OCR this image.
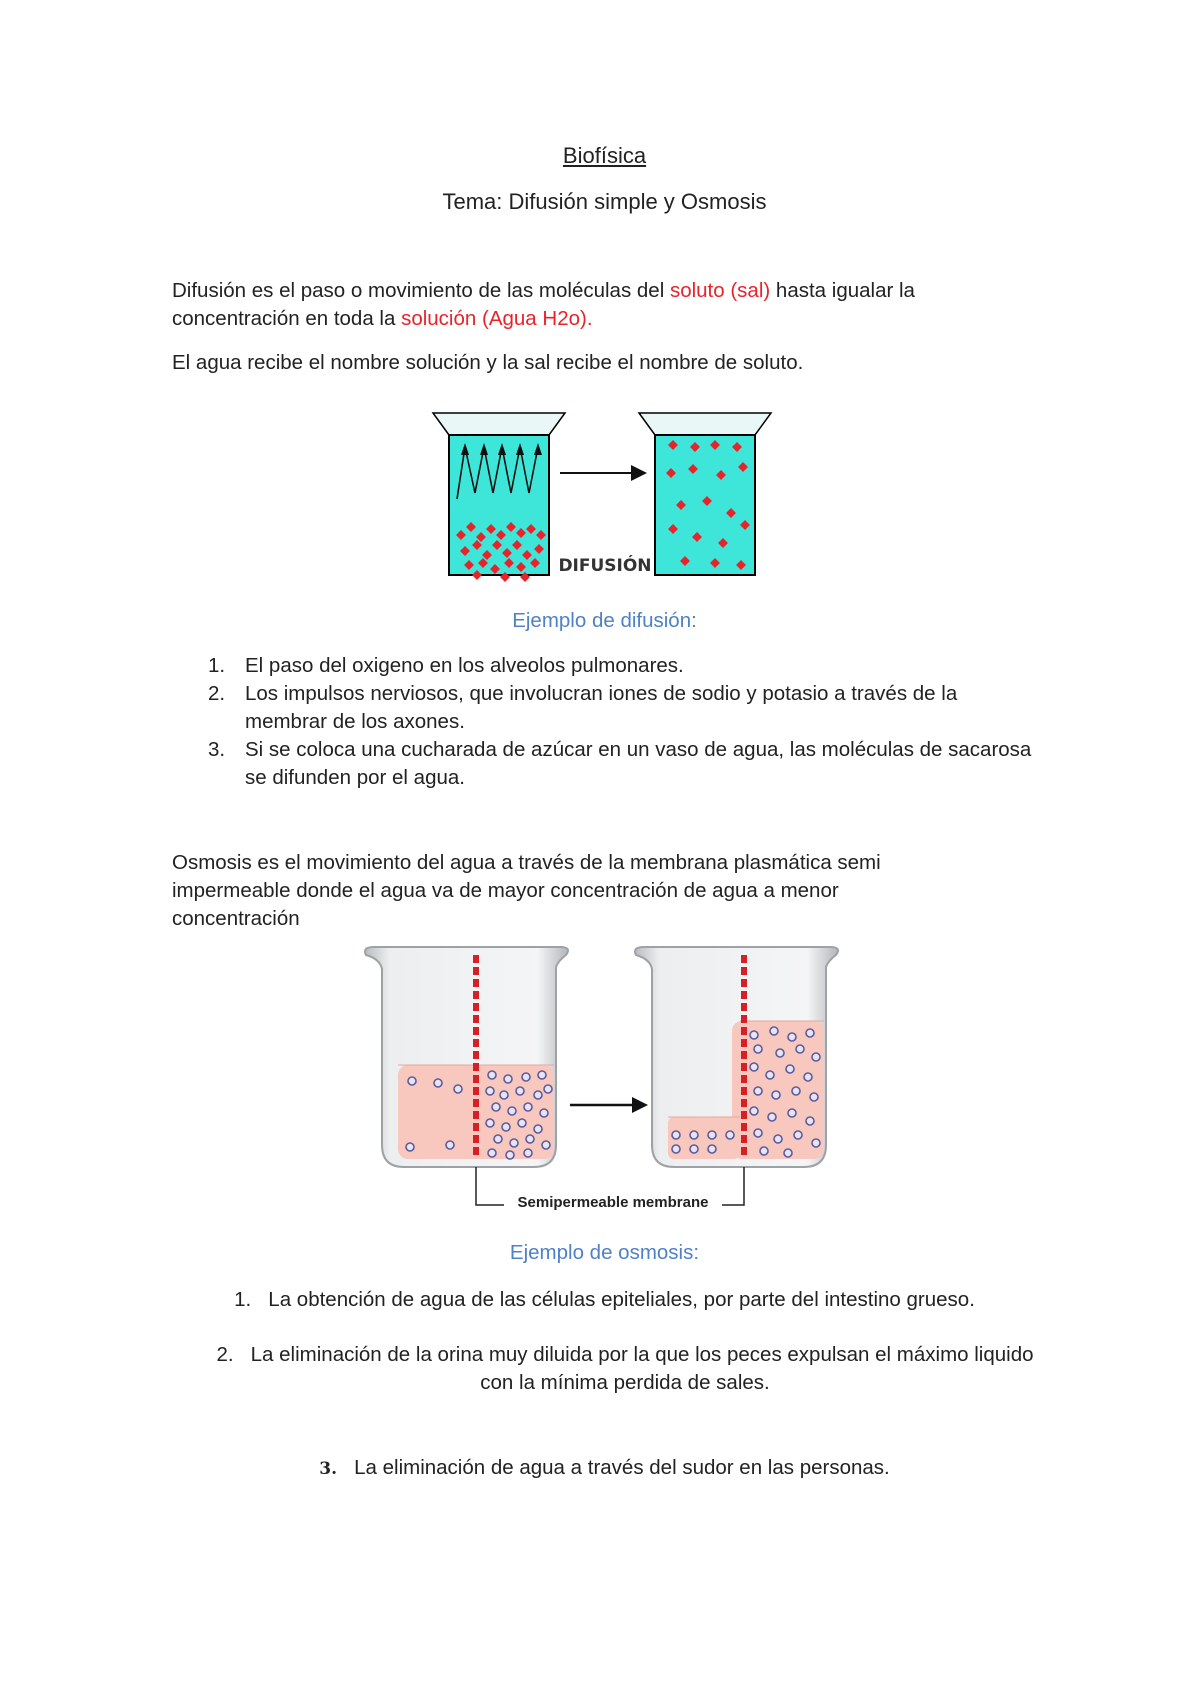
Biofísica
Tema: Difusión simple y Osmosis
Difusión es el paso o movimiento de las moléculas del soluto (sal) hasta igualar la concentración en toda la solución (Agua H2o).
El agua recibe el nombre solución y la sal recibe el nombre de soluto.
DIFUSIÓN
Ejemplo de difusión:
1. El paso del oxigeno en los alveolos pulmonares.
2. Los impulsos nerviosos, que involucran iones de sodio y potasio a través de la membrar de los axones.
3. Si se coloca una cucharada de azúcar en un vaso de agua, las moléculas de sacarosa se difunden por el agua.
Osmosis es el movimiento del agua a través de la membrana plasmática semi impermeable donde el agua va de mayor concentración de agua a menor concentración
Semipermeable membrane
Ejemplo de osmosis:
1. La obtención de agua de las células epiteliales, por parte del intestino grueso.
2. La eliminación de la orina muy diluida por la que los peces expulsan el máximo liquido con la mínima perdida de sales.
3. La eliminación de agua a través del sudor en las personas.
